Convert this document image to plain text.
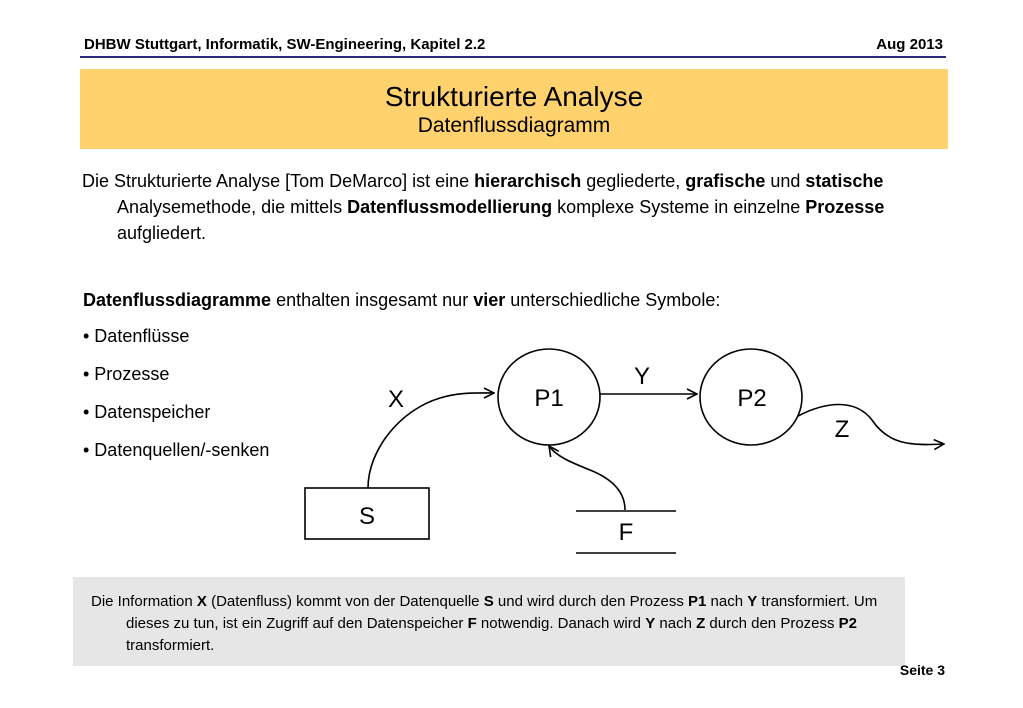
DHBW Stuttgart, Informatik, SW-Engineering, Kapitel 2.2	Aug 2013
Strukturierte Analyse
Datenflussdiagramm
Die Strukturierte Analyse [Tom DeMarco] ist eine hierarchisch gegliederte, grafische und statische Analysemethode, die mittels Datenflussmodellierung komplexe Systeme in einzelne Prozesse aufgliedert.
Datenflussdiagramme enthalten insgesamt nur vier unterschiedliche Symbole:
• Datenflüsse
• Prozesse
• Datenspeicher
• Datenquellen/-senken
P1	P2
S
F
X
Y
Z
Die Information X (Datenfluss) kommt von der Datenquelle S und wird durch den Prozess P1 nach Y transformiert. Um dieses zu tun, ist ein Zugriff auf den Datenspeicher F notwendig. Danach wird Y nach Z durch den Prozess P2 transformiert.
Seite 3
